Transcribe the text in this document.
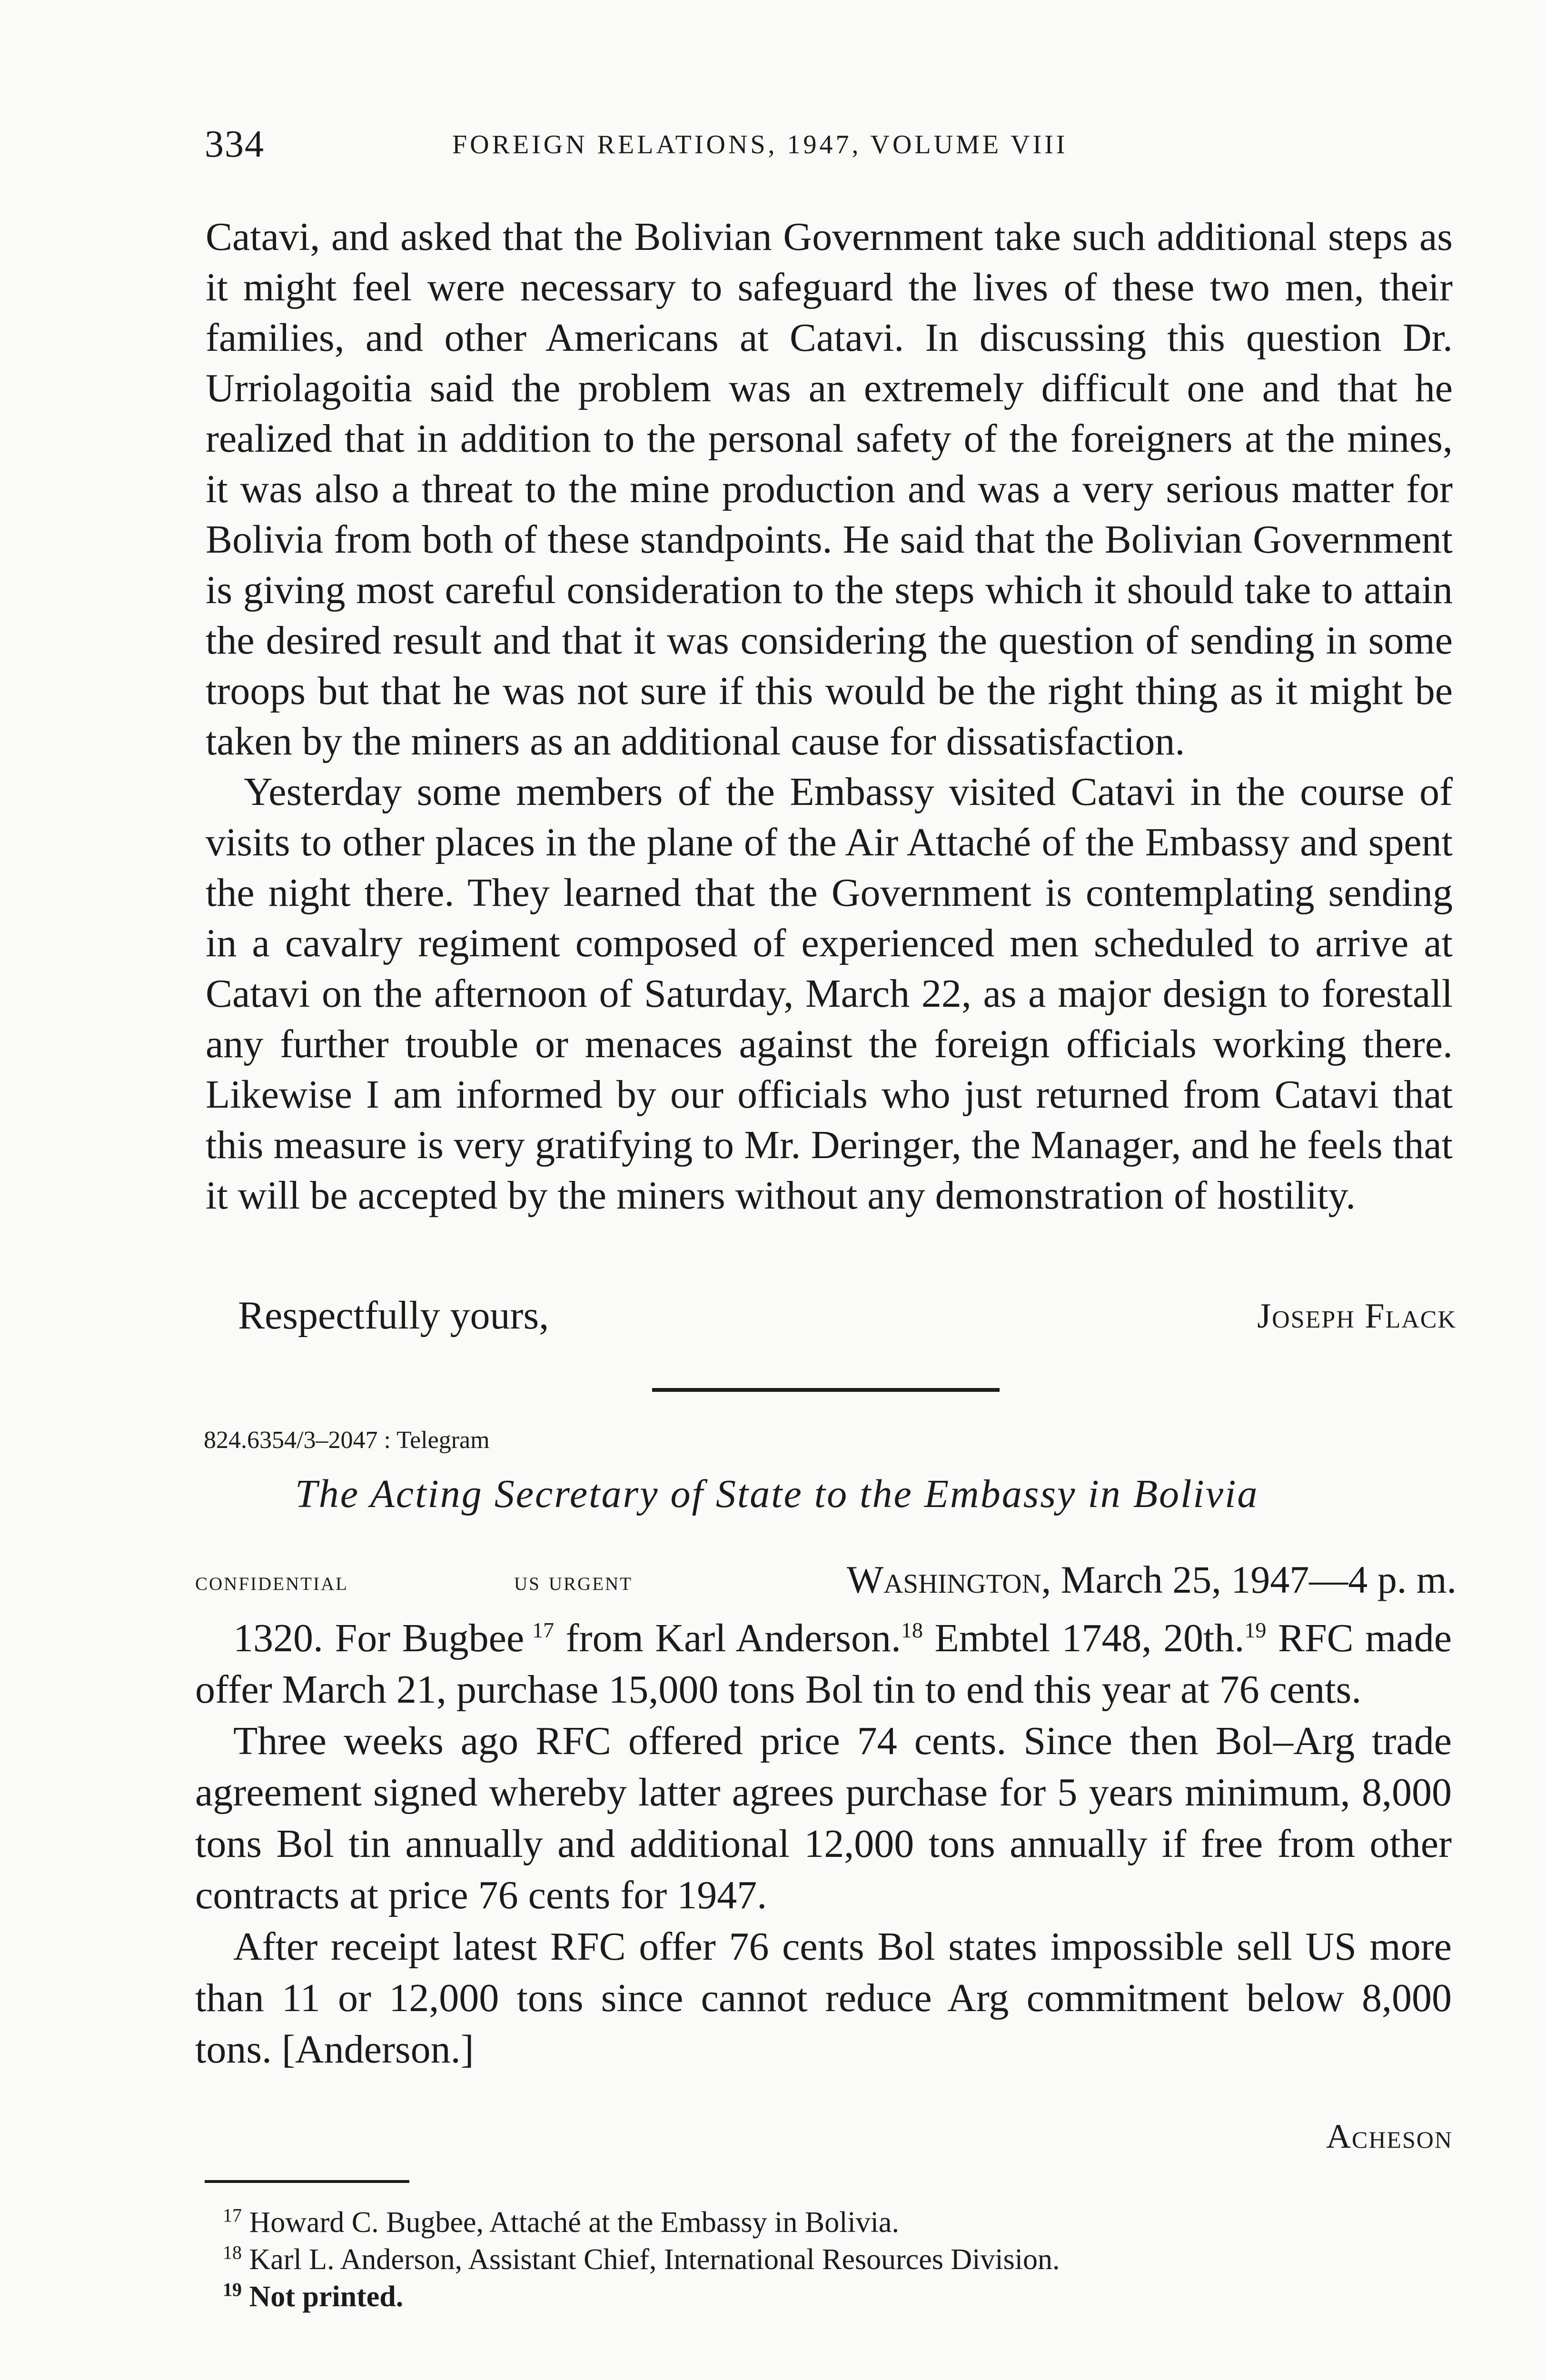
334	FOREIGN RELATIONS, 1947, VOLUME VIII

Catavi, and asked that the Bolivian Government take such additional steps as it might feel were necessary to safeguard the lives of these two men, their families, and other Americans at Catavi. In discussing this question Dr. Urriolagoitia said the problem was an extremely difficult one and that he realized that in addition to the personal safety of the foreigners at the mines, it was also a threat to the mine production and was a very serious matter for Bolivia from both of these standpoints. He said that the Bolivian Government is giving most careful consideration to the steps which it should take to attain the desired result and that it was considering the question of sending in some troops but that he was not sure if this would be the right thing as it might be taken by the miners as an additional cause for dissatisfaction.

Yesterday some members of the Embassy visited Catavi in the course of visits to other places in the plane of the Air Attaché of the Embassy and spent the night there. They learned that the Government is contemplating sending in a cavalry regiment composed of experienced men scheduled to arrive at Catavi on the afternoon of Saturday, March 22, as a major design to forestall any further trouble or menaces against the foreign officials working there. Likewise I am informed by our officials who just returned from Catavi that this measure is very gratifying to Mr. Deringer, the Manager, and he feels that it will be accepted by the miners without any demonstration of hostility.

Respectfully yours,	Joseph Flack
824.6354/3–2047 : Telegram
The Acting Secretary of State to the Embassy in Bolivia
confidential	us urgent	Washington, March 25, 1947—4 p. m.

1320. For Bugbee  $^{17}$ from Karl Anderson.$^{18}$ Embtel 1748, 20th.$^{19}$ RFC made offer March 21, purchase 15,000 tons Bol tin to end this year at 76 cents.

Three weeks ago RFC offered price 74 cents. Since then Bol–Arg trade agreement signed whereby latter agrees purchase for 5 years minimum, 8,000 tons Bol tin annually and additional 12,000 tons annually if free from other contracts at price 76 cents for 1947.

After receipt latest RFC offer 76 cents Bol states impossible sell US more than 11 or 12,000 tons since cannot reduce Arg commitment below 8,000 tons. [Anderson.]

Acheson

$^{17}$ Howard C. Bugbee, Attaché at the Embassy in Bolivia.

$^{18}$ Karl L. Anderson, Assistant Chief, International Resources Division.

$^{19}$ Not printed.
